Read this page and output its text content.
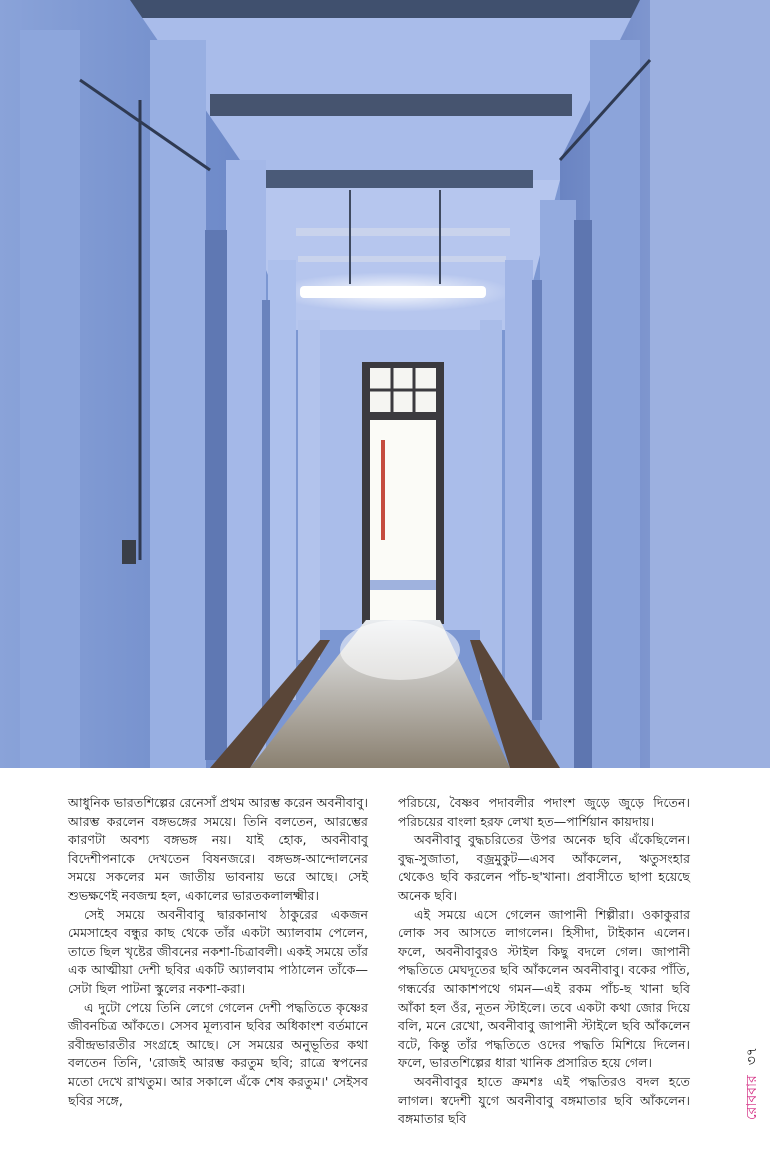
আধুনিক ভারতশিল্পের রেনেসাঁ প্রথম আরম্ভ করেন অবনীবাবু। আরম্ভ করলেন বঙ্গভঙ্গের সময়ে। তিনি বলতেন, আরম্ভের কারণটা অবশ্য বঙ্গভঙ্গ নয়। যাই হোক, অবনীবাবু বিদেশীপনাকে দেখতেন বিষনজরে। বঙ্গভঙ্গ-আন্দোলনের সময়ে সকলের মন জাতীয় ভাবনায় ভরে আছে। সেই শুভক্ষণেই নবজন্ম হল, একালের ভারতকলালক্ষ্মীর।

সেই সময়ে অবনীবাবু দ্বারকানাথ ঠাকুরের একজন মেমসাহেব বন্ধুর কাছ থেকে তাঁর একটা অ্যালবাম পেলেন, তাতে ছিল খৃষ্টের জীবনের নকশা-চিত্রাবলী। একই সময়ে তাঁর এক আত্মীয়া দেশী ছবির একটি অ্যালবাম পাঠালেন তাঁকে—সেটা ছিল পাটনা স্কুলের নকশা-করা।

এ দুটো পেয়ে তিনি লেগে গেলেন দেশী পদ্ধতিতে কৃষ্ণের জীবনচিত্র আঁকতে। সেসব মূল্যবান ছবির অধিকাংশ বর্তমানে রবীন্দ্রভারতীর সংগ্রহে আছে। সে সময়ের অনুভূতির কথা বলতেন তিনি, 'রোজই আরম্ভ করতুম ছবি; রাত্রে স্বপনের মতো দেখে রাখতুম। আর সকালে এঁকে শেষ করতুম।' সেইসব ছবির সঙ্গে,

পরিচয়ে, বৈষ্ণব পদাবলীর পদাংশ জুড়ে জুড়ে দিতেন। পরিচয়ের বাংলা হরফ লেখা হত—পার্শিয়ান কায়দায়।

অবনীবাবু বুদ্ধচরিতের উপর অনেক ছবি এঁকেছিলেন। বুদ্ধ-সুজাতা, বজ্রমুকুট—এসব আঁকলেন, ঋতুসংহার থেকেও ছবি করলেন পাঁচ-ছ'খানা। প্রবাসীতে ছাপা হয়েছে অনেক ছবি।

এই সময়ে এসে গেলেন জাপানী শিল্পীরা। ওকাকুরার লোক সব আসতে লাগলেন। হিসীদা, টাইকান এলেন। ফলে, অবনীবাবুরও স্টাইল কিছু বদলে গেল। জাপানী পদ্ধতিতে মেঘদূতের ছবি আঁকলেন অবনীবাবু। বকের পাঁতি, গন্ধর্বের আকাশপথে গমন—এই রকম পাঁচ-ছ খানা ছবি আঁকা হল ওঁর, নূতন স্টাইলে। তবে একটা কথা জোর দিয়ে বলি, মনে রেখো, অবনীবাবু জাপানী স্টাইলে ছবি আঁকলেন বটে, কিন্তু তাঁর পদ্ধতিতে ওদের পদ্ধতি মিশিয়ে দিলেন। ফলে, ভারতশিল্পের ধারা খানিক প্রসারিত হয়ে গেল।

অবনীবাবুর হাতে ক্রমশঃ এই পদ্ধতিরও বদল হতে লাগল। স্বদেশী যুগে অবনীবাবু বঙ্গমাতার ছবি আঁকলেন। বঙ্গমাতার ছবি	রোববার৩৭
